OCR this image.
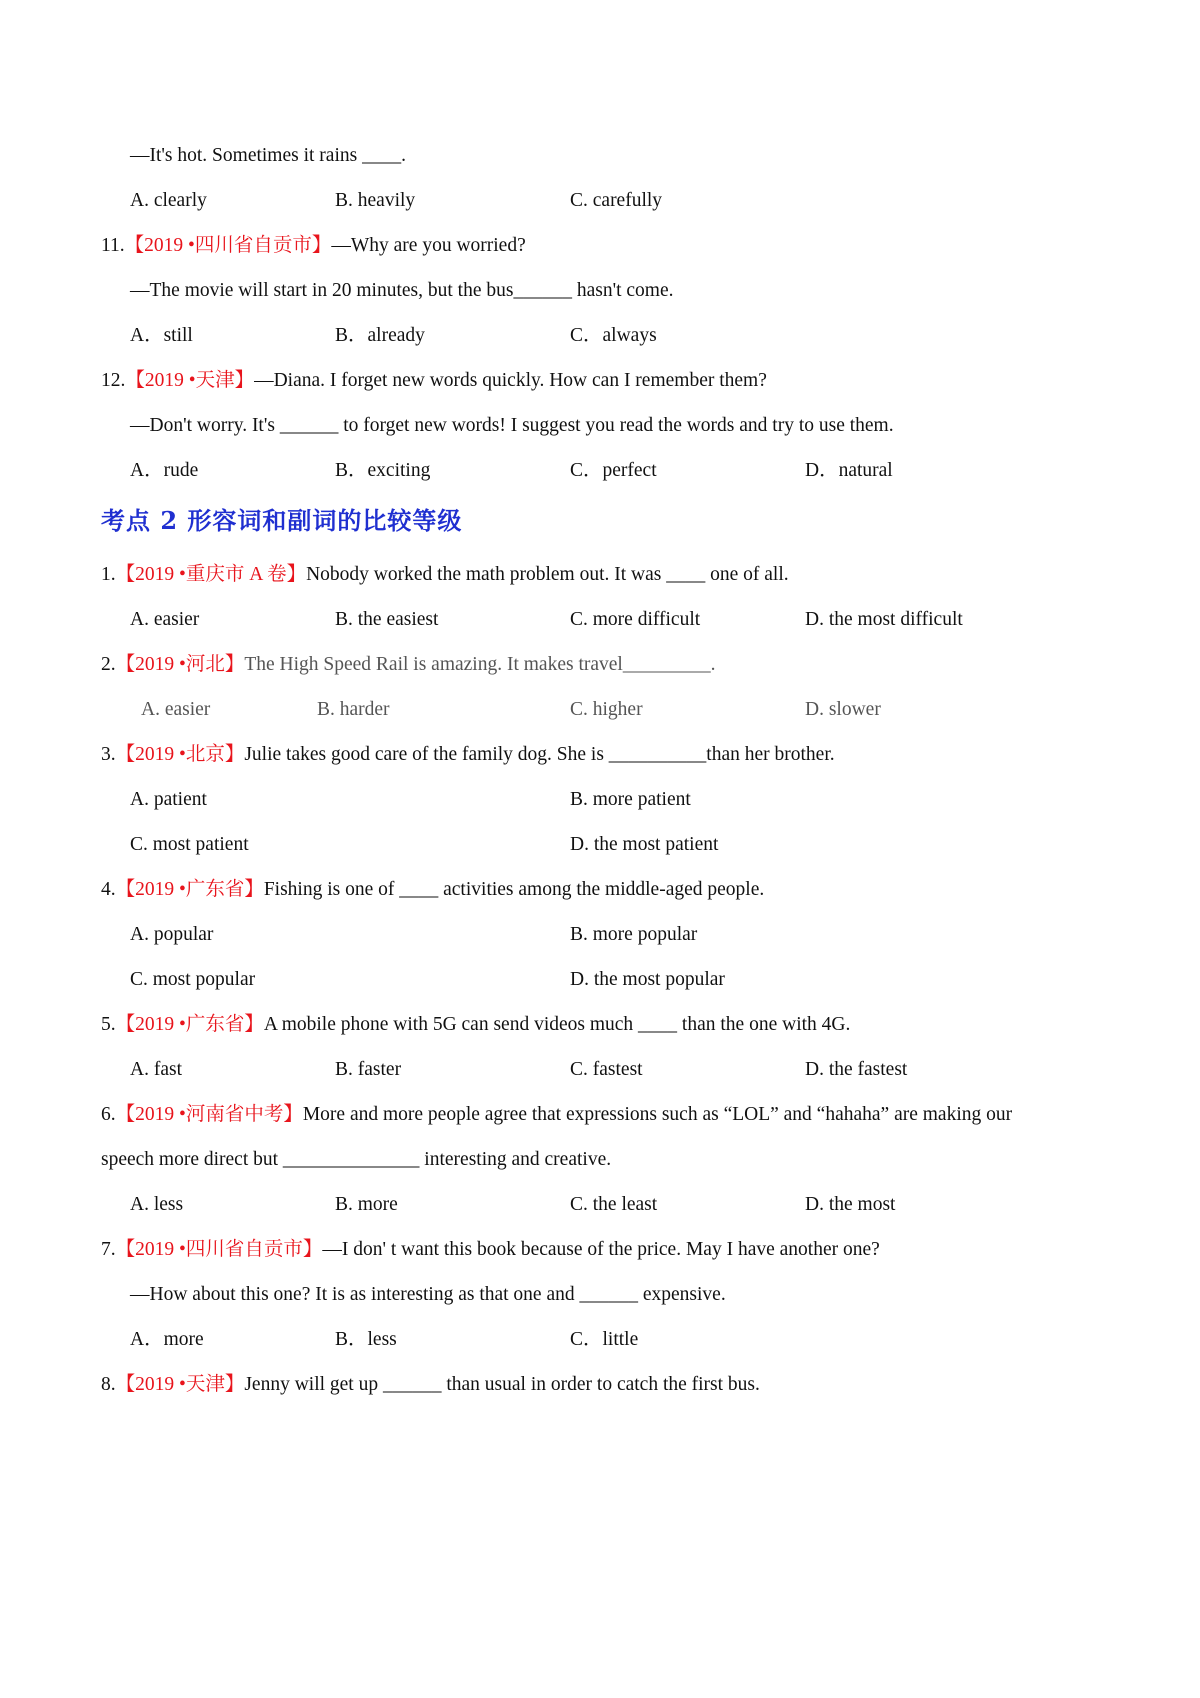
—It's hot. Sometimes it rains ____.
A. clearly	B. heavily	C. carefully
11.【2019 •四川省自贡市】—Why are you worried?
—The movie will start in 20 minutes, but the bus______ hasn't come.
A．still	B．already	C．always
12.【2019 •天津】—Diana. I forget new words quickly. How can I remember them?
—Don't worry. It's ______ to forget new words! I suggest you read the words and try to use them.
A．rude	B．exciting	C．perfect	D．natural
考点 2 形容词和副词的比较等级
1.【2019 •重庆市 A 卷】Nobody worked the math problem out. It was ____ one of all.
A. easier	B. the easiest	C. more difficult	D. the most difficult
2.【2019 •河北】The High Speed Rail is amazing. It makes travel_________.
A. easier	B. harder	C. higher	D. slower
3.【2019 •北京】Julie takes good care of the family dog. She is __________than her brother.
A. patient	B. more patient
C. most patient	D. the most patient
4.【2019 •广东省】Fishing is one of ____ activities among the middle-aged people.
A. popular	B. more popular
C. most popular	D. the most popular
5.【2019 •广东省】A mobile phone with 5G can send videos much ____ than the one with 4G.
A. fast	B. faster	C. fastest	D. the fastest
6.【2019 •河南省中考】More and more people agree that expressions such as “LOL” and “hahaha” are making our
speech more direct but ______________ interesting and creative.
A. less	B. more	C. the least	D. the most
7.【2019 •四川省自贡市】—I don' t want this book because of the price. May I have another one?
—How about this one? It is as interesting as that one and ______ expensive.
A．more	B．less	C．little
8.【2019 •天津】Jenny will get up ______ than usual in order to catch the first bus.
